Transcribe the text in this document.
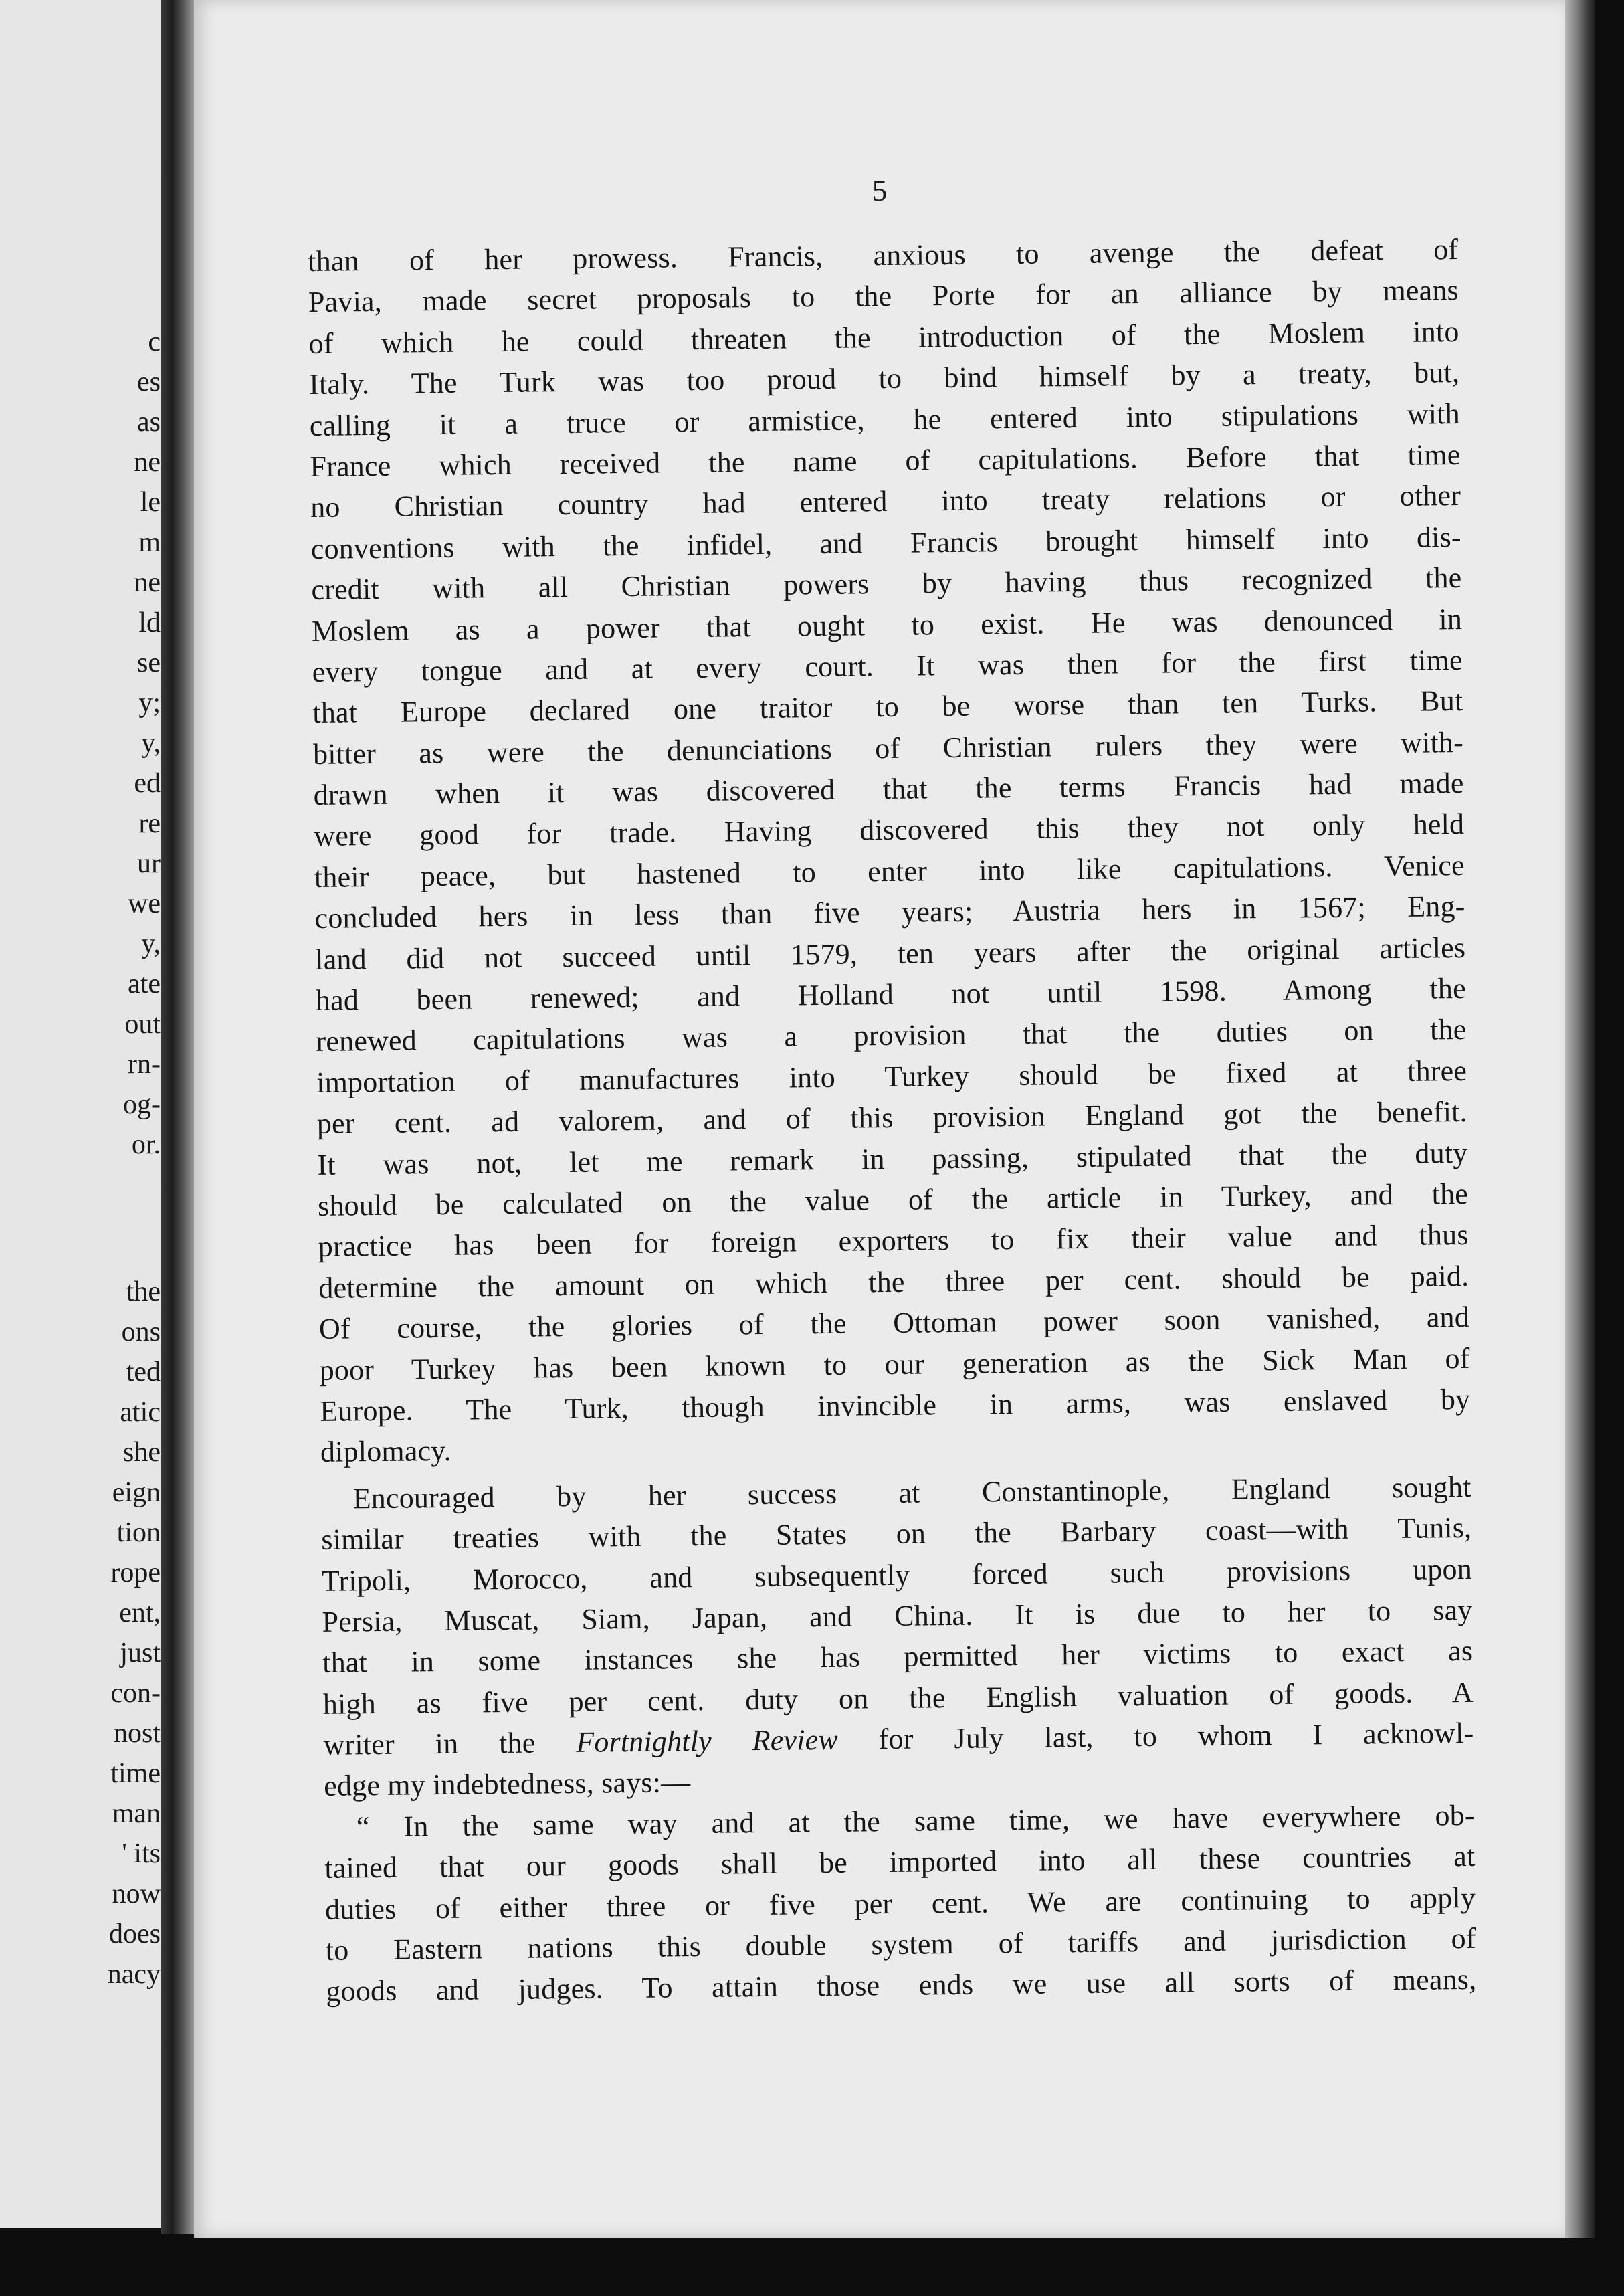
c
es
as
ne
le
m
ne
ld
se
y;
y,
ed
re
ur
we
y,
ate
out
rn-
og-
or.
the
ons
ted
atic
she
eign
tion
rope
ent,
just
con-
nost
time
man
' its
now
does
nacy

5

than of her prowess. Francis, anxious to avenge the defeat of
Pavia, made secret proposals to the Porte for an alliance by means
of which he could threaten the introduction of the Moslem into
Italy. The Turk was too proud to bind himself by a treaty, but,
calling it a truce or armistice, he entered into stipulations with
France which received the name of capitulations. Before that time
no Christian country had entered into treaty relations or other
conventions with the infidel, and Francis brought himself into dis-
credit with all Christian powers by having thus recognized the
Moslem as a power that ought to exist. He was denounced in
every tongue and at every court. It was then for the first time
that Europe declared one traitor to be worse than ten Turks. But
bitter as were the denunciations of Christian rulers they were with-
drawn when it was discovered that the terms Francis had made
were good for trade. Having discovered this they not only held
their peace, but hastened to enter into like capitulations. Venice
concluded hers in less than five years; Austria hers in 1567; Eng-
land did not succeed until 1579, ten years after the original articles
had been renewed; and Holland not until 1598. Among the
renewed capitulations was a provision that the duties on the
importation of manufactures into Turkey should be fixed at three
per cent. ad valorem, and of this provision England got the benefit.
It was not, let me remark in passing, stipulated that the duty
should be calculated on the value of the article in Turkey, and the
practice has been for foreign exporters to fix their value and thus
determine the amount on which the three per cent. should be paid.
Of course, the glories of the Ottoman power soon vanished, and
poor Turkey has been known to our generation as the Sick Man of
Europe. The Turk, though invincible in arms, was enslaved by
diplomacy.
Encouraged by her success at Constantinople, England sought
similar treaties with the States on the Barbary coast—with Tunis,
Tripoli, Morocco, and subsequently forced such provisions upon
Persia, Muscat, Siam, Japan, and China. It is due to her to say
that in some instances she has permitted her victims to exact as
high as five per cent. duty on the English valuation of goods. A
writer in the Fortnightly Review for July last, to whom I acknowl-
edge my indebtedness, says:—
“ In the same way and at the same time, we have everywhere ob-
tained that our goods shall be imported into all these countries at
duties of either three or five per cent. We are continuing to apply
to Eastern nations this double system of tariffs and jurisdiction of
goods and judges. To attain those ends we use all sorts of means,
